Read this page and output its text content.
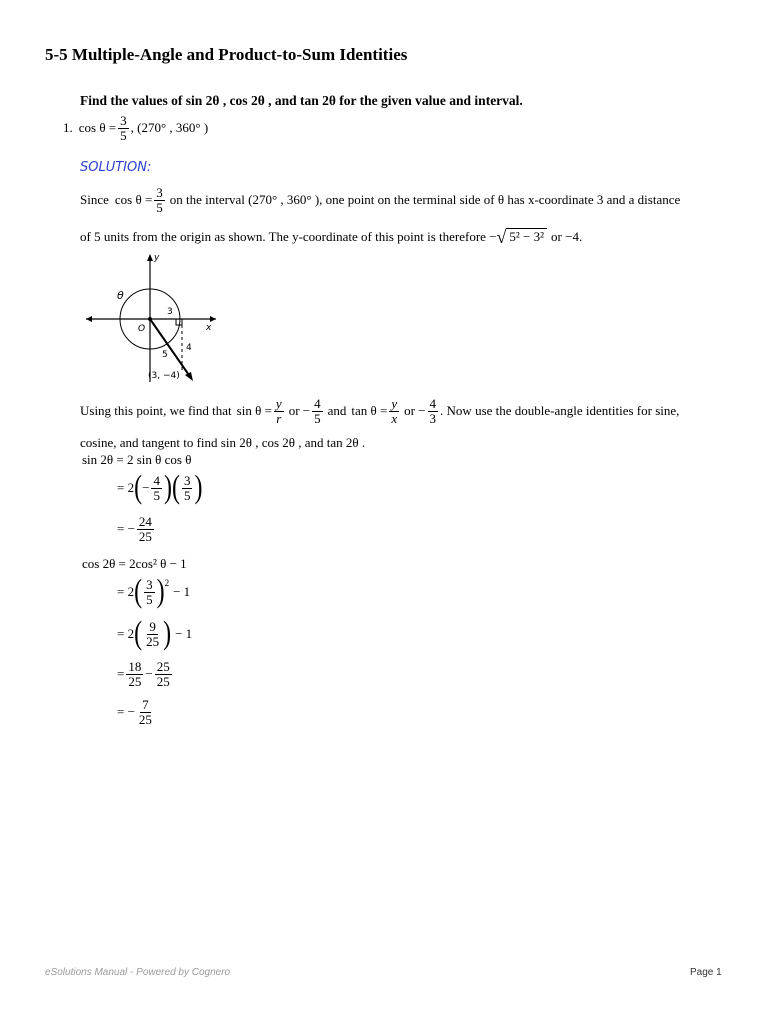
5-5 Multiple-Angle and Product-to-Sum Identities
Find the values of sin 2θ , cos 2θ , and tan 2θ for the given value and interval.
1. $\cos \theta = \frac{3}{5}$ , (270° , 360° )
SOLUTION:
Since $\cos \theta = \frac{3}{5}$ on the interval (270° , 360° ), one point on the terminal side of θ has x-coordinate 3 and a distance
of 5 units from the origin as shown. The y-coordinate of this point is therefore − √ 5² − 3² or −4.
y
x
θ
O
3
4
5
(3, −4)
Using this point, we find that $\sin \theta = \frac{y}{r}$ or − $\frac{4}{5}$ and $\tan \theta = \frac{y}{x}$ or − $\frac{4}{3}$ . Now use the double-angle identities for sine,
cosine, and tangent to find sin 2θ , cos 2θ , and tan 2θ .
sin 2θ = 2 sin θ cos θ
= 2 ( − $\frac{4}{5}$ ) ( $\frac{3}{5}$ )
= − $\frac{24}{25}$
cos 2θ = 2cos² θ − 1
= 2 ( $\frac{3}{5} )^2$
− 1
= 2 ( $\frac{9}{25}$ ) − 1
= $\frac{18}{25} - \frac{25}{25}$
= − $\frac{7}{25}$
eSolutions Manual - Powered by Cognero	Page 1
